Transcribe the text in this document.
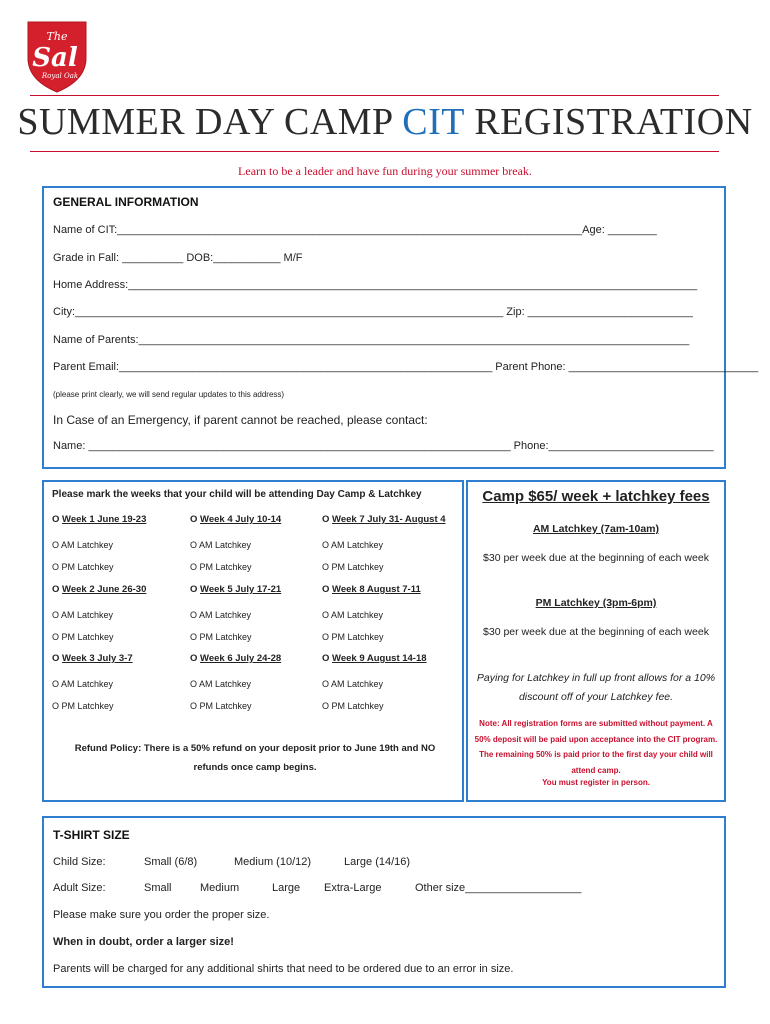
The
Sal
Royal Oak
SUMMER DAY CAMP CIT REGISTRATION
Learn to be a leader and have fun during your summer break.
GENERAL INFORMATION
Name of CIT:____________________________________________________________________________Age: ________
Grade in Fall: __________ DOB:___________ M/F
Home Address:_____________________________________________________________________________________________
City:______________________________________________________________________ Zip: ___________________________
Name of Parents:__________________________________________________________________________________________
Parent Email:_____________________________________________________________ Parent Phone: _______________________________
(please print clearly, we will send regular updates to this address)
In Case of an Emergency, if parent cannot be reached, please contact:
Name: _____________________________________________________________________ Phone:___________________________
Please mark the weeks that your child will be attending Day Camp & Latchkey
O Week 1 June 19-23
O AM Latchkey
O PM Latchkey
O Week 4 July 10-14
O AM Latchkey
O PM Latchkey
O Week 7 July 31- August 4
O AM Latchkey
O PM Latchkey
O Week 2 June 26-30
O AM Latchkey
O PM Latchkey
O Week 5 July 17-21
O AM Latchkey
O PM Latchkey
O Week 8 August 7-11
O AM Latchkey
O PM Latchkey
O Week 3 July 3-7
O AM Latchkey
O PM Latchkey
O Week 6 July 24-28
O AM Latchkey
O PM Latchkey
O Week 9 August 14-18
O AM Latchkey
O PM Latchkey
Refund Policy: There is a 50% refund on your deposit prior to June 19th and NO refunds once camp begins.
Camp $65/ week + latchkey fees
AM Latchkey (7am-10am)
$30 per week due at the beginning of each week
PM Latchkey (3pm-6pm)
$30 per week due at the beginning of each week
Paying for Latchkey in full up front allows for a 10% discount off of your Latchkey fee.
Note: All registration forms are submitted without payment. A 50% deposit will be paid upon acceptance into the CIT program. The remaining 50% is paid prior to the first day your child will attend camp.
You must register in person.
T-SHIRT SIZE
Child Size:	Small (6/8)	Medium (10/12)	Large (14/16)
Adult Size:	Small	Medium	Large Extra-Large	Other size___________________
Please make sure you order the proper size.
When in doubt, order a larger size!
Parents will be charged for any additional shirts that need to be ordered due to an error in size.
